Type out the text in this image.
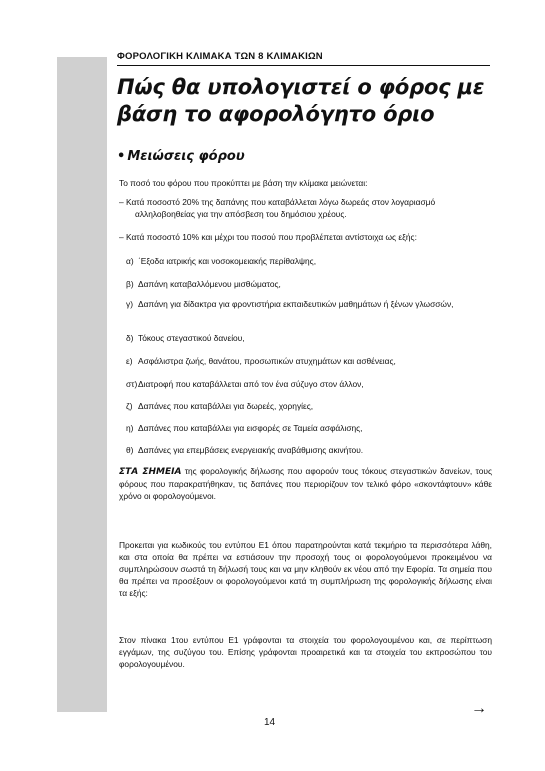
ΦΟΡΟΛΟΓΙΚΗ ΚΛΙΜΑΚΑ ΤΩΝ 8 ΚΛΙΜΑΚΙΩΝ
Πώς θα υπολογιστεί ο φόρος με βάση το αφορολόγητο όριο
• Μειώσεις φόρου
Το ποσό του φόρου που προκύπτει με βάση την κλίμακα μειώνεται:
– Κατά ποσοστό 20% της δαπάνης που καταβάλλεται λόγω δωρεάς στον λογαριασμό αλληλοβοηθείας για την απόσβεση του δημόσιου χρέους.
– Κατά ποσοστό 10% και μέχρι του ποσού που προβλέπεται αντίστοιχα ως εξής:
α) ΄Εξοδα ιατρικής και νοσοκομειακής περίθαλψης,
β) Δαπάνη καταβαλλόμενου μισθώματος,
γ) Δαπάνη για δίδακτρα για φροντιστήρια εκπαιδευτικών μαθημάτων ή ξένων γλωσσών,
δ) Τόκους στεγαστικού δανείου,
ε) Ασφάλιστρα ζωής, θανάτου, προσωπικών ατυχημάτων και ασθένειας,
στ)Διατροφή που καταβάλλεται από τον ένα σύζυγο στον άλλον,
ζ) Δαπάνες που καταβάλλει για δωρεές, χορηγίες,
η) Δαπάνες που καταβάλλει για εισφορές σε Ταμεία ασφάλισης,
θ) Δαπάνες για επεμβάσεις ενεργειακής αναβάθμισης ακινήτου.

ΣΤΑ ΣΗΜΕΙΑ της φορολογικής δήλωσης που αφορούν τους τόκους στεγαστικών δανείων, τους φόρους που παρακρατήθηκαν, τις δαπάνες που περιορίζουν τον τελικό φόρο «σκοντάφτουν» κάθε χρόνο οι φορολογούμενοι.

Προκειται για κωδικούς του εντύπου Ε1 όπου παρατηρούνται κατά τεκμήριο τα περισσότερα λάθη, και στα οποία θα πρέπει να εστιάσουν την προσοχή τους οι φορολογούμενοι προκειμένου να συμπληρώσουν σωστά τη δήλωσή τους και να μην κληθούν εκ νέου από την Εφορία. Τα σημεία που θα πρέπει να προσέξουν οι φορολογούμενοι κατά τη συμπλήρωση της φορολογικής δήλωσης είναι τα εξής:

Στον πίνακα 1του εντύπου Ε1 γράφονται τα στοιχεία του φορολογουμένου και, σε περίπτωση εγγάμων, της συζύγου του. Επίσης γράφονται προαιρετικά και τα στοιχεία του εκπροσώπου του φορολογουμένου.

14
→
